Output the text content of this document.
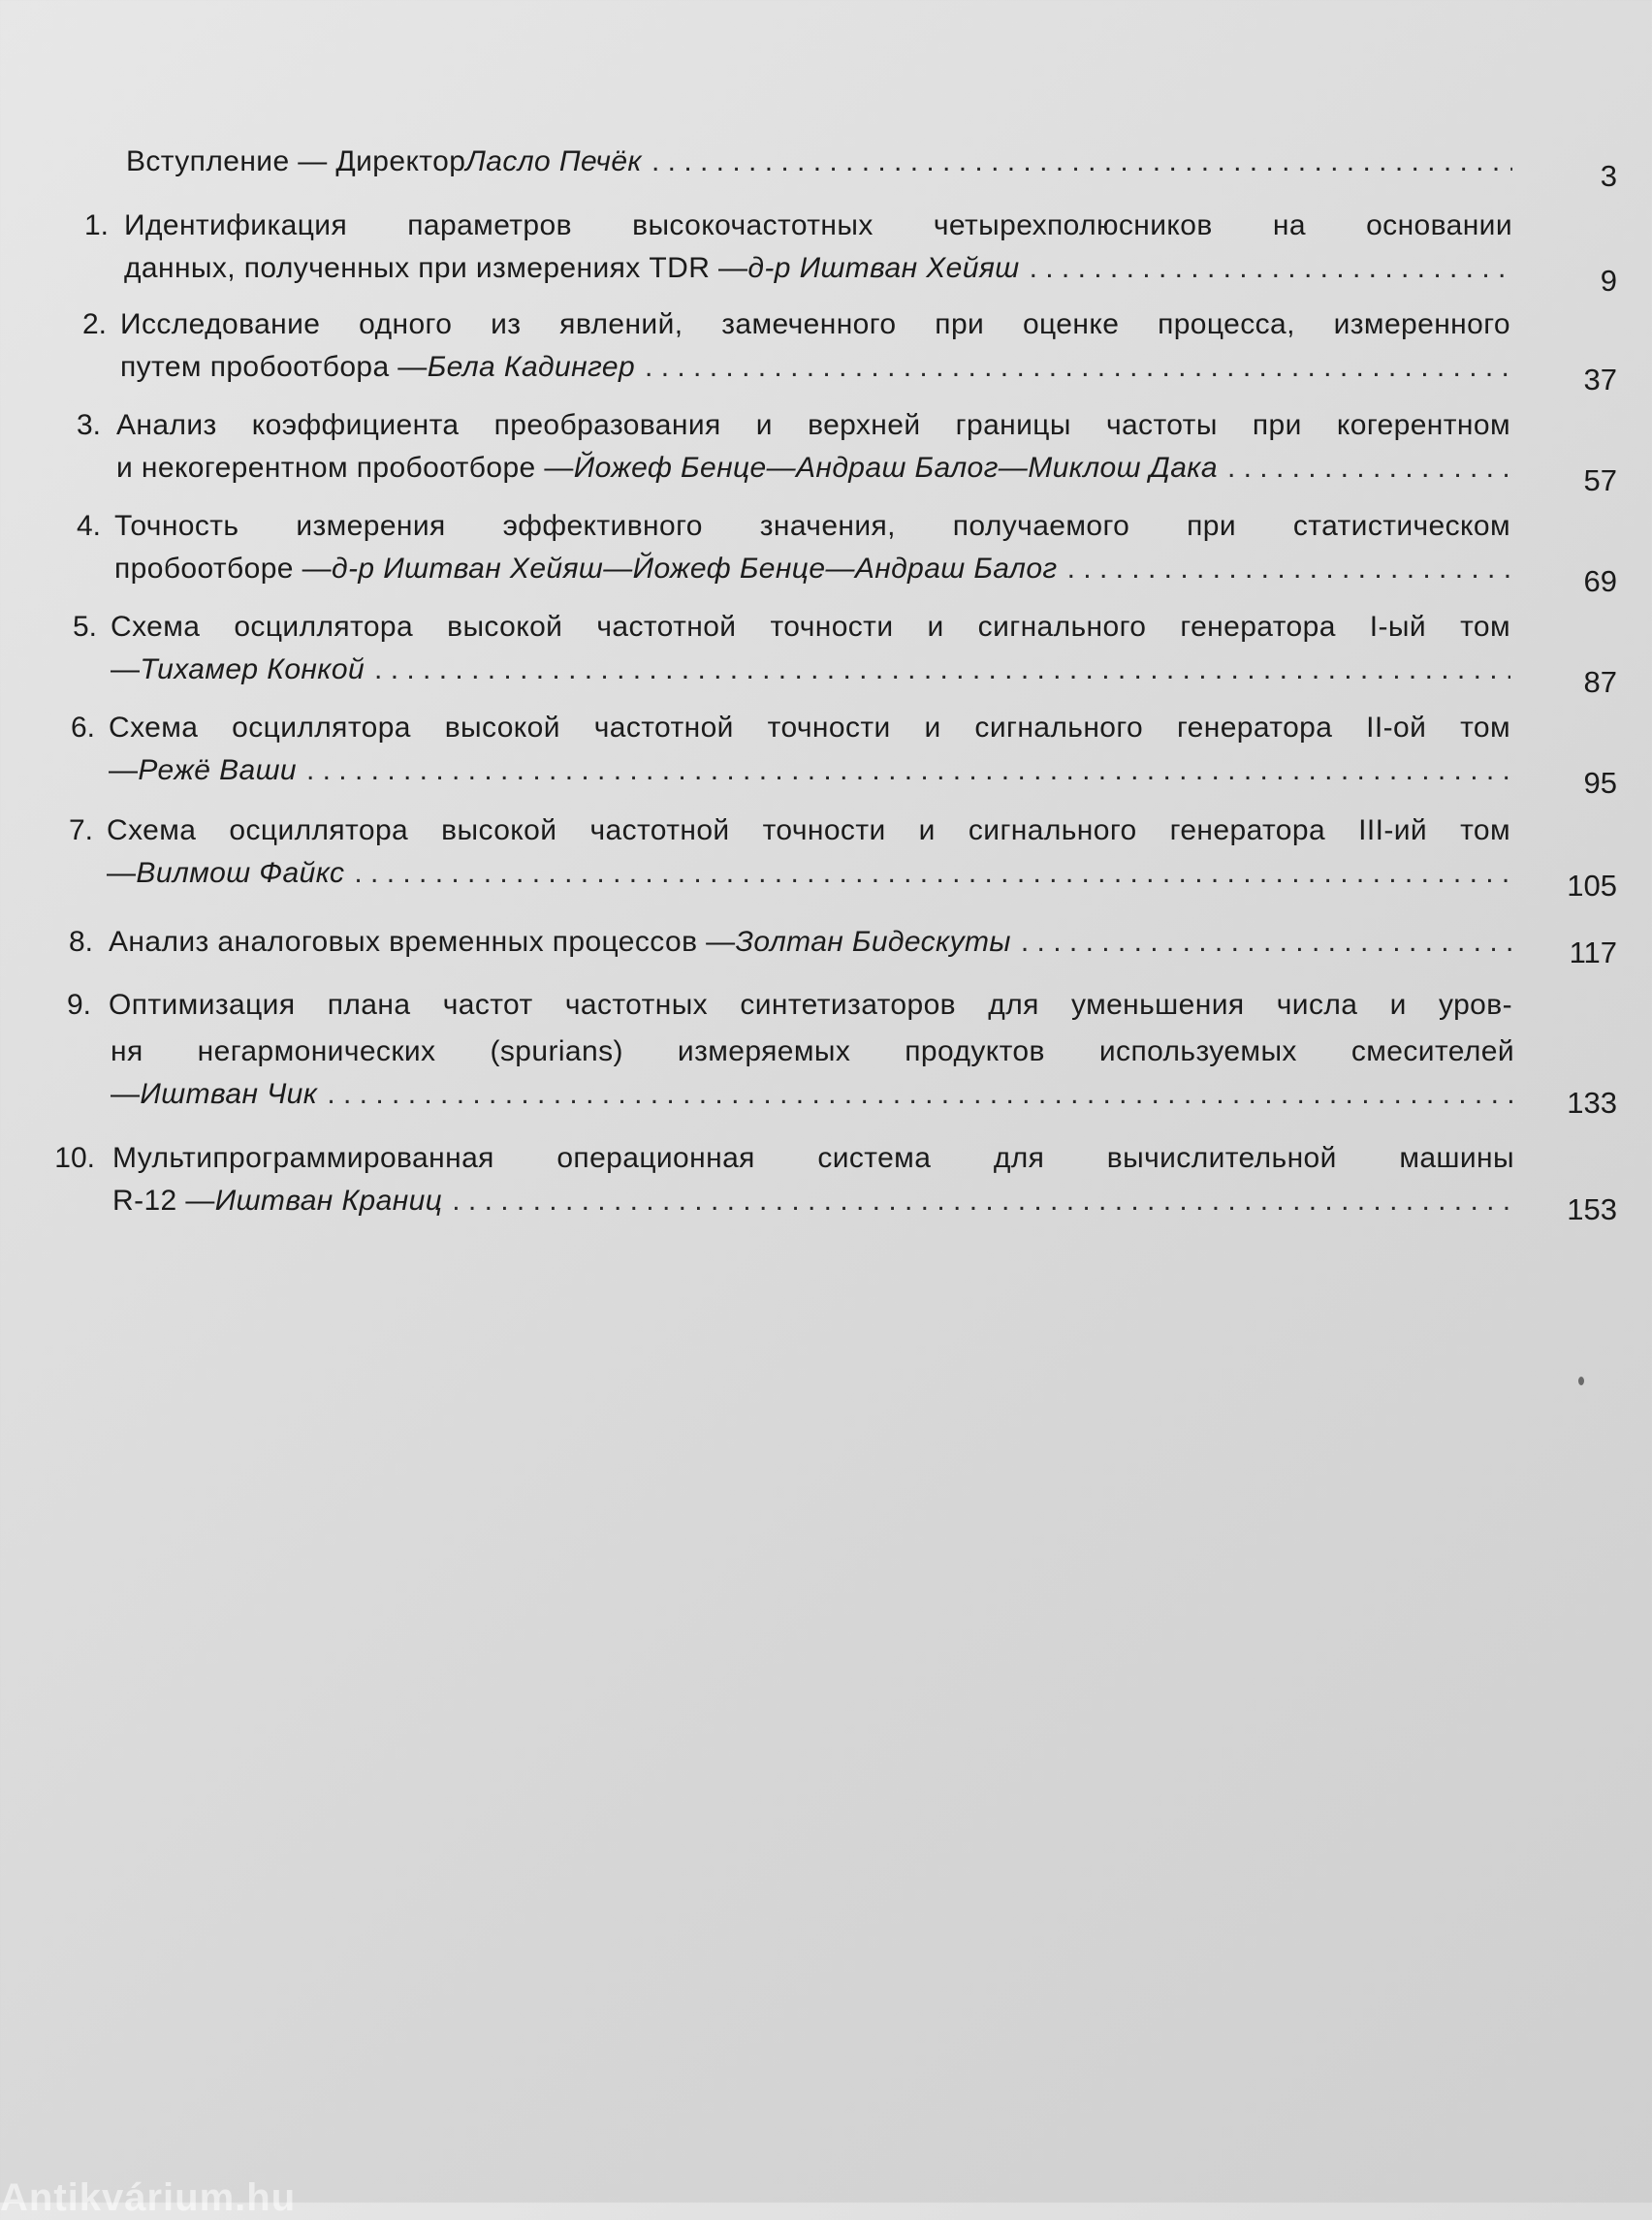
Вступление — Директор Ласло Печёк . . .	3
1. Идентификация параметров высокочастотных четырехполюсников на основании
данных, полученных при измерениях TDR — д-р Иштван Хейяш . . .	9
2. Исследование одного из явлений, замеченного при оценке процесса, измеренного
путем пробоотбора — Бела Кадингер . . .	37
3. Анализ коэффициента преобразования и верхней границы частоты при когерентном
и некогерентном пробоотборе — Йожеф Бенце—Андраш Балог—Миклош Дака . . .	57
4. Точность измерения эффективного значения, получаемого при статистическом
пробоотборе — д-р Иштван Хейяш—Йожеф Бенце—Андраш Балог . . .	69
5. Схема осциллятора высокой частотной точности и сигнального генератора I-ый том
— Тихамер Конкой . . .	87
6. Схема осциллятора высокой частотной точности и сигнального генератора II-ой том
— Режё Ваши . . .	95
7. Схема осциллятора высокой частотной точности и сигнального генератора III-ий том
— Вилмош Файкс . . .	105
8. Анализ аналоговых временных процессов — Золтан Бидескуты . . .	117
9. Оптимизация плана частот частотных синтетизаторов для уменьшения числа и уров-
ня негармонических (spurians) измеряемых продуктов используемых смесителей
— Иштван Чик . . .	133
10. Мультипрограммированная операционная система для вычислительной машины
R-12 — Иштван Краниц . . .	153
Antikvárium.hu
